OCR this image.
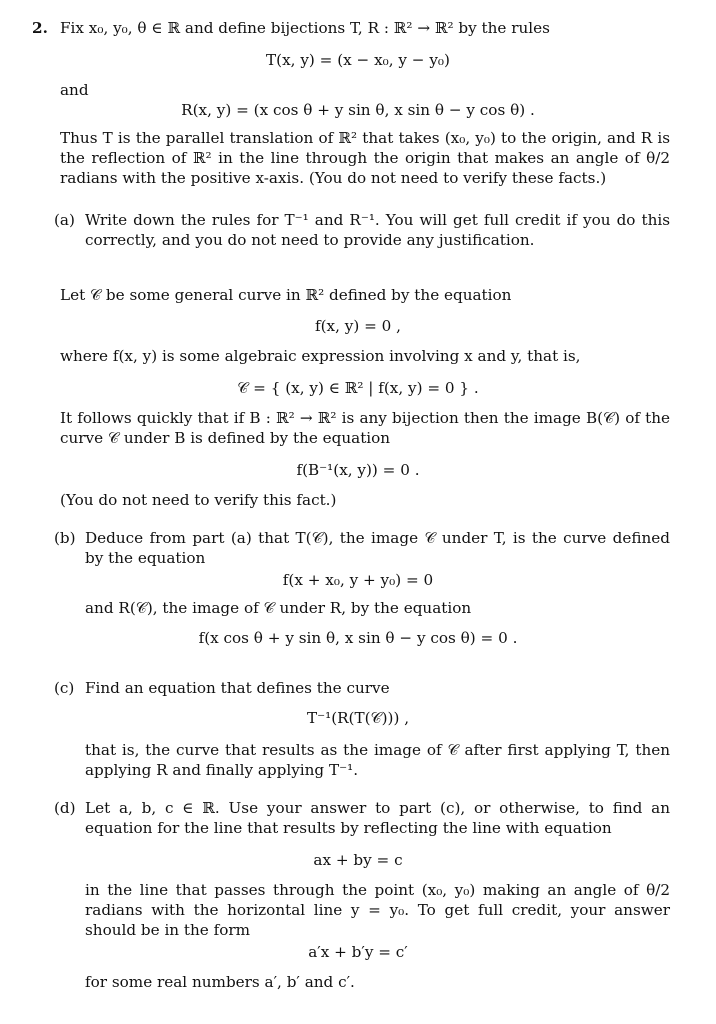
2. Fix x₀, y₀, θ ∈ ℝ and define bijections T, R : ℝ² → ℝ² by the rules

T(x, y) = (x − x₀, y − y₀)

and

R(x, y) = (x cos θ + y sin θ, x sin θ − y cos θ) .

Thus T is the parallel translation of ℝ² that takes (x₀, y₀) to the origin, and R is the reflection of ℝ² in the line through the origin that makes an angle of θ/2 radians with the positive x-axis. (You do not need to verify these facts.)

(a) Write down the rules for T⁻¹ and R⁻¹. You will get full credit if you do this correctly, and you do not need to provide any justification.

Let 𝒞 be some general curve in ℝ² defined by the equation

f(x, y) = 0 ,

where f(x, y) is some algebraic expression involving x and y, that is,

𝒞 = { (x, y) ∈ ℝ² | f(x, y) = 0 } .

It follows quickly that if B : ℝ² → ℝ² is any bijection then the image B(𝒞) of the curve 𝒞 under B is defined by the equation

f(B⁻¹(x, y)) = 0 .

(You do not need to verify this fact.)

(b) Deduce from part (a) that T(𝒞), the image 𝒞 under T, is the curve defined by the equation

f(x + x₀, y + y₀) = 0

and R(𝒞), the image of 𝒞 under R, by the equation

f(x cos θ + y sin θ, x sin θ − y cos θ) = 0 .
(c) Find an equation that defines the curve

T⁻¹(R(T(𝒞))) ,

that is, the curve that results as the image of 𝒞 after first applying T, then applying R and finally applying T⁻¹.

(d) Let a, b, c ∈ ℝ. Use your answer to part (c), or otherwise, to find an equation for the line that results by reflecting the line with equation

ax + by = c

in the line that passes through the point (x₀, y₀) making an angle of θ/2 radians with the horizontal line y = y₀. To get full credit, your answer should be in the form

a′x + b′y = c′

for some real numbers a′, b′ and c′.
